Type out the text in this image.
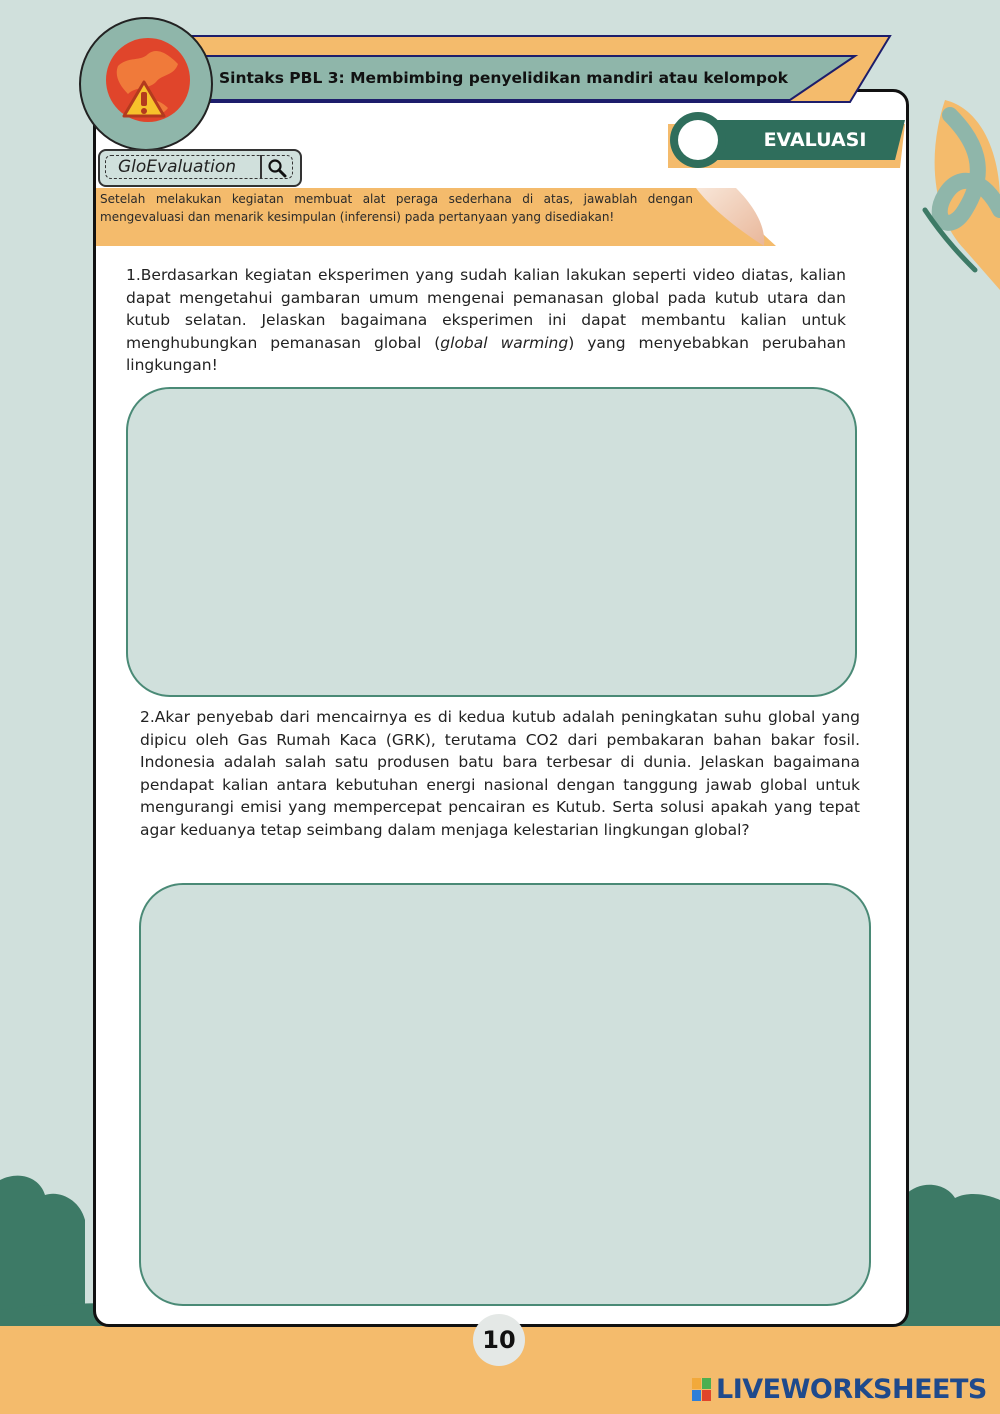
Sintaks PBL 3: Membimbing penyelidikan mandiri atau kelompok
EVALUASI
GloEvaluation
Setelah melakukan kegiatan membuat alat peraga sederhana di atas, jawablah dengan mengevaluasi dan menarik kesimpulan (inferensi) pada pertanyaan yang disediakan!
1.Berdasarkan kegiatan eksperimen yang sudah kalian lakukan seperti video diatas, kalian dapat mengetahui gambaran umum mengenai pemanasan global pada kutub utara dan kutub selatan. Jelaskan bagaimana eksperimen ini dapat membantu kalian untuk menghubungkan pemanasan global (global warming) yang menyebabkan perubahan lingkungan!
2.Akar penyebab dari mencairnya es di kedua kutub adalah peningkatan suhu global yang dipicu oleh Gas Rumah Kaca (GRK), terutama CO2 dari pembakaran bahan bakar fosil. Indonesia adalah salah satu produsen batu bara terbesar di dunia. Jelaskan bagaimana pendapat kalian antara kebutuhan energi nasional dengan tanggung jawab global untuk mengurangi emisi yang mempercepat pencairan es Kutub. Serta solusi apakah yang tepat agar keduanya tetap seimbang dalam menjaga kelestarian lingkungan global?
10
LIVEWORKSHEETS
